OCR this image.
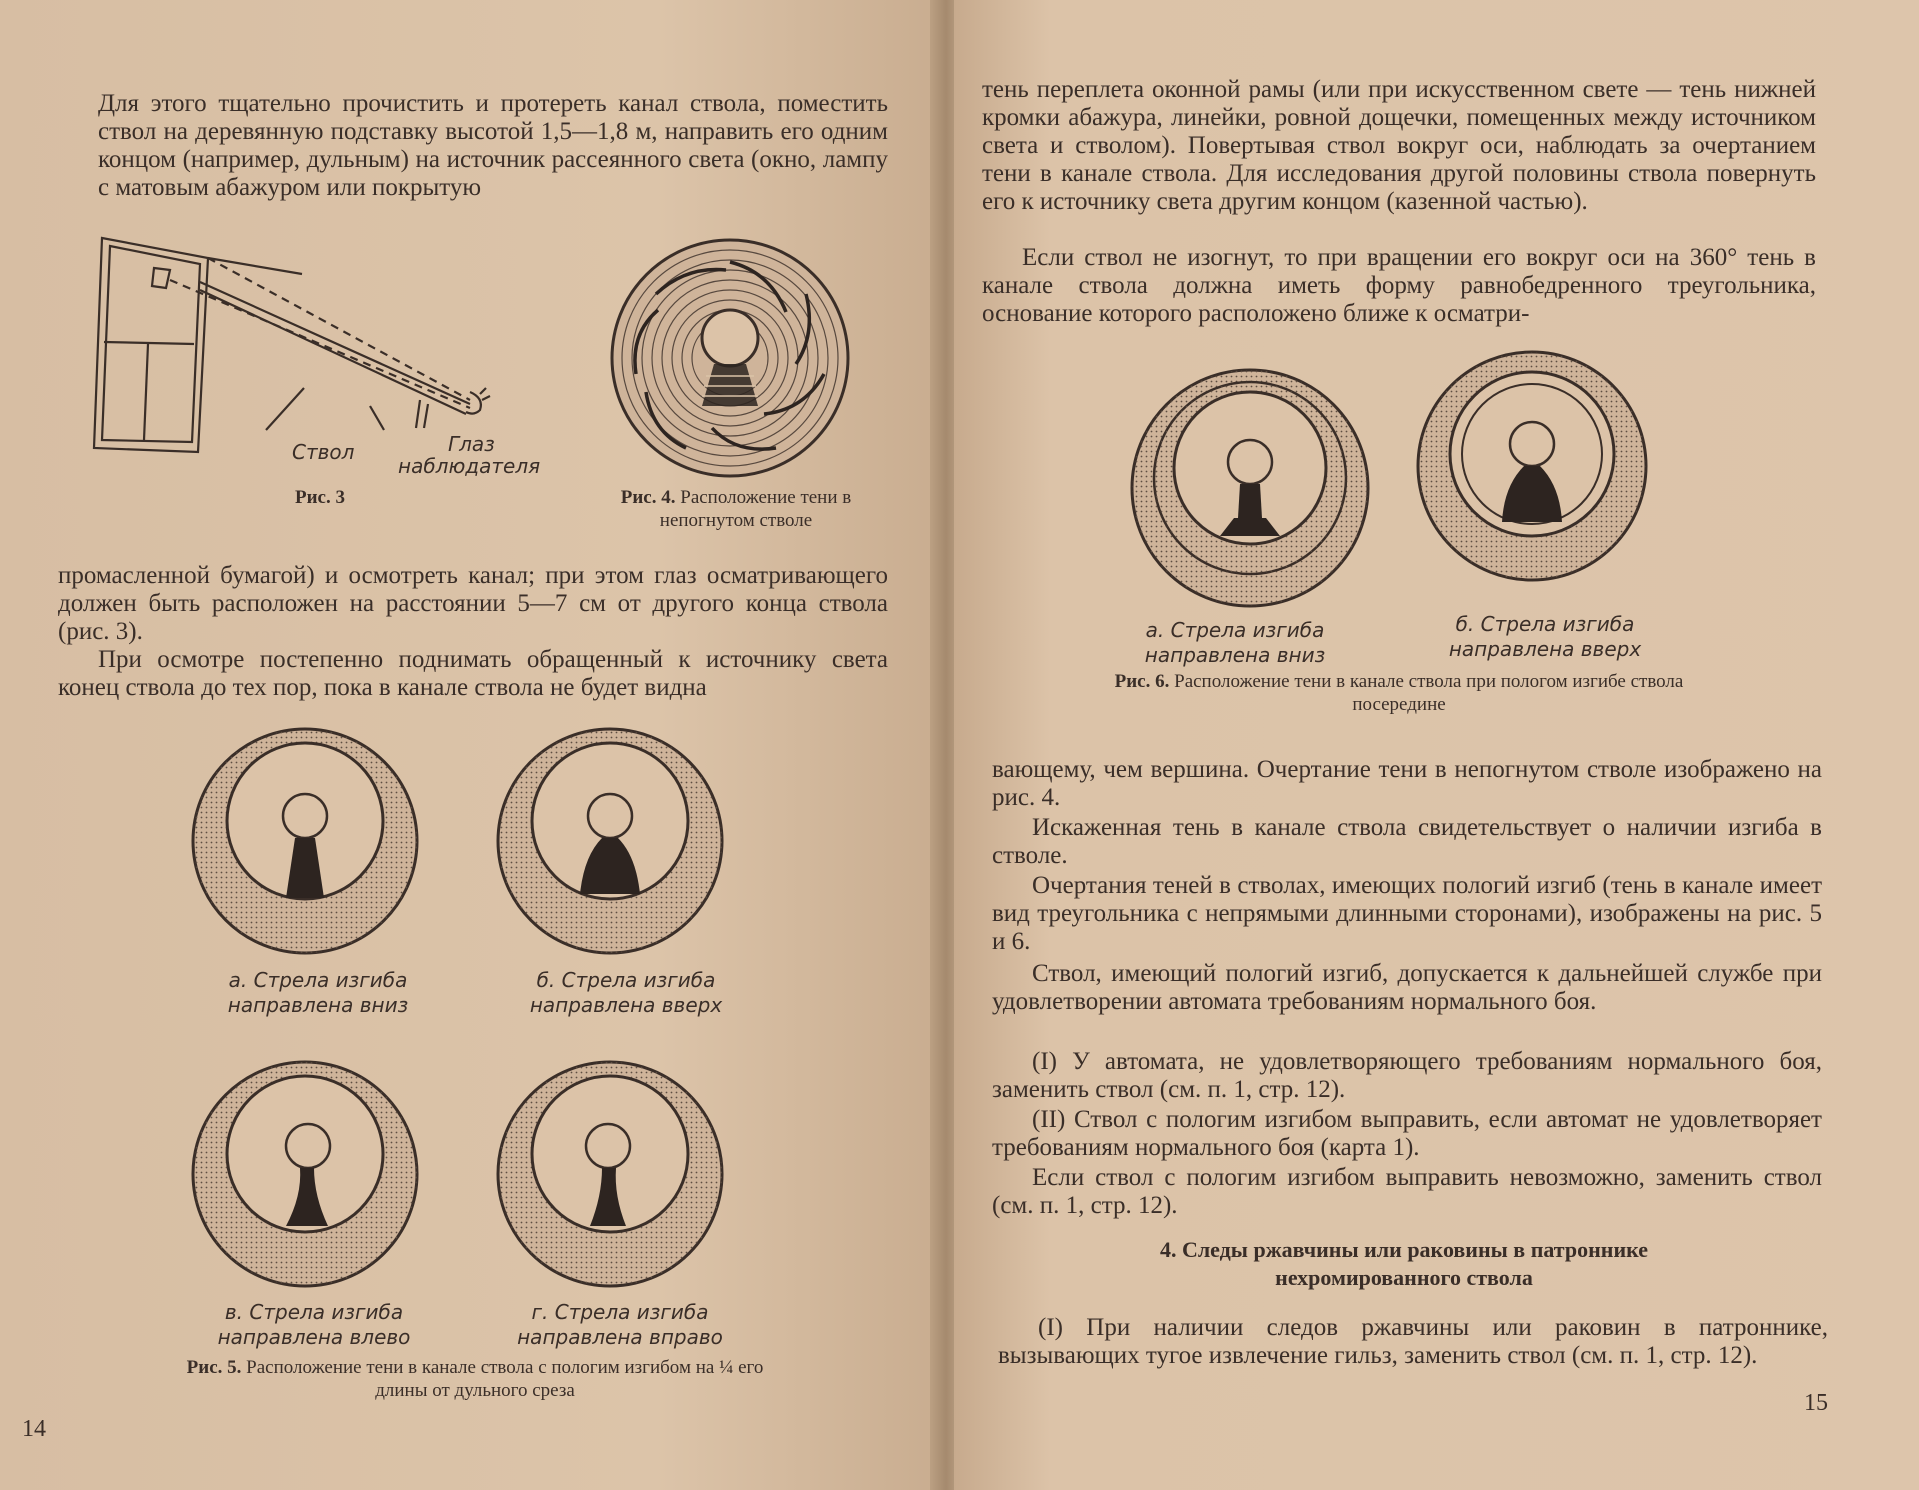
Для этого тщательно прочистить и протереть канал ствола, поместить ствол на деревянную подставку высотой 1,5—1,8 м, направить его одним концом (например, дульным) на источник рассеянного света (окно, лампу с матовым абажуром или покрытую

Ствол	Глаз

наблюдателя

Рис. 3	Рис. 4. Расположение тени в непогнутом стволе

промасленной бумагой) и осмотреть канал; при этом глаз осматривающего должен быть расположен на расстоянии 5—7 см от другого конца ствола (рис. 3).

При осмотре постепенно поднимать обращенный к источнику света конец ствола до тех пор, пока в канале ствола не будет видна

а. Стрела изгиба направлена вниз

б. Стрела изгиба направлена вверх

в. Стрела изгиба направлена влево

г. Стрела изгиба направлена вправо

Рис. 5. Расположение тени в канале ствола с пологим изгибом на ¼ его длины от дульного среза

14

тень переплета оконной рамы (или при искусственном свете — тень нижней кромки абажура, линейки, ровной дощечки, помещенных между источником света и стволом). Повертывая ствол вокруг оси, наблюдать за очертанием тени в канале ствола. Для исследования другой половины ствола повернуть его к источнику света другим концом (казенной частью).

Если ствол не изогнут, то при вращении его вокруг оси на 360° тень в канале ствола должна иметь форму равнобедренного треугольника, основание которого расположено ближе к осматри-

а. Стрела изгиба направлена вниз

б. Стрела изгиба направлена вверх

Рис. 6. Расположение тени в канале ствола при пологом изгибе ствола посередине

вающему, чем вершина. Очертание тени в непогнутом стволе изображено на рис. 4.

Искаженная тень в канале ствола свидетельствует о наличии изгиба в стволе.

Очертания теней в стволах, имеющих пологий изгиб (тень в канале имеет вид треугольника с непрямыми длинными сторонами), изображены на рис. 5 и 6.

Ствол, имеющий пологий изгиб, допускается к дальнейшей службе при удовлетворении автомата требованиям нормального боя.

(I) У автомата, не удовлетворяющего требованиям нормального боя, заменить ствол (см. п. 1, стр. 12).

(II) Ствол с пологим изгибом выправить, если автомат не удовлетворяет требованиям нормального боя (карта 1).

Если ствол с пологим изгибом выправить невозможно, заменить ствол (см. п. 1, стр. 12).

4. Следы ржавчины или раковины в патроннике нехромированного ствола

(I) При наличии следов ржавчины или раковин в патроннике, вызывающих тугое извлечение гильз, заменить ствол (см. п. 1, стр. 12).

15
